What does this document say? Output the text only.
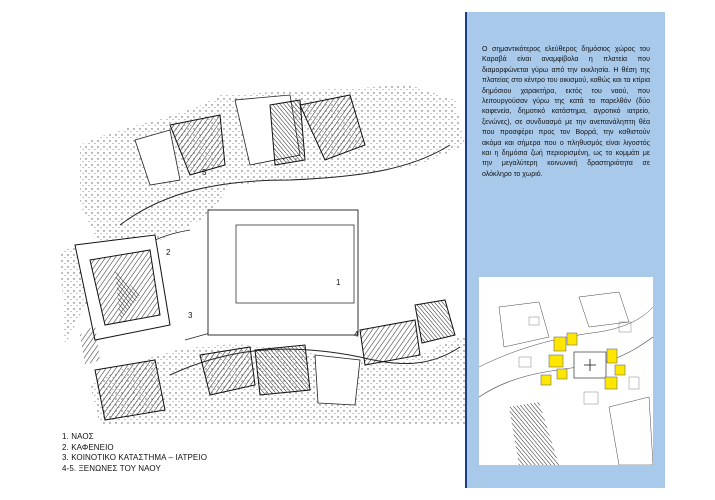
1
2
3
4
5
1. ΝΑΟΣ
2. ΚΑΦΕΝΕΙΟ
3. ΚΟΙΝΟΤΙΚΟ ΚΑΤΑΣΤΗΜΑ – ΙΑΤΡΕΙΟ
4-5. ΞΕΝΩΝΕΣ ΤΟΥ ΝΑΟΥ
Ο σημαντικότερος ελεύθερος δημόσιος χώρος του Καραβά είναι αναμφίβολα η πλατεία που διαμορφώνεται γύρω από την εκκλησία. Η θέση της πλατείας στο κέντρο του οικισμού, καθώς και τα κτίρια δημόσιου χαρακτήρα, εκτός του ναού, που λειτουργούσαν γύρω της κατά το παρελθόν (δύο καφενεία, δημοτικό κατάστημα, αγροτικό ιατρείο, ξενώνες), σε συνδυασμό με την ανεπανάληπτη θέα που προσφέρει προς τον Βορρά, την καθιστούν ακόμα και σήμερα που ο πληθυσμός είναι λιγοστός και η δημόσια ζωή περιορισμένη, ως το κομμάτι με την μεγαλύτερη κοινωνική δραστηριότητα σε ολόκληρο το χωριό.
